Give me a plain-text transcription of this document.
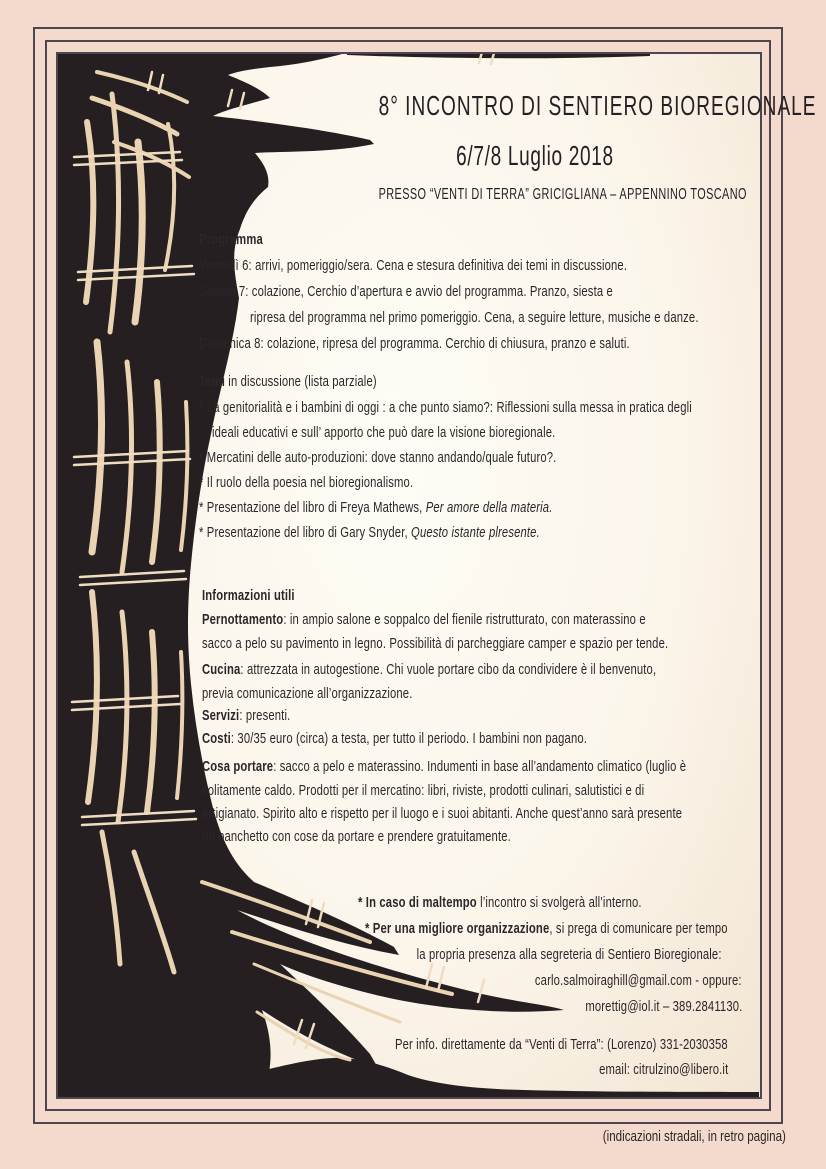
8° INCONTRO DI SENTIERO BIOREGIONALE
6/7/8 Luglio 2018
PRESSO “VENTI DI TERRA” GRICIGLIANA – APPENNINO TOSCANO
Programma
Venerdì 6: arrivi, pomeriggio/sera. Cena e stesura definitiva dei temi in discussione.
Sabato 7: colazione, Cerchio d’apertura e avvio del programma. Pranzo, siesta e
ripresa del programma nel primo pomeriggio. Cena, a seguire letture, musiche e danze.
Domenica 8: colazione, ripresa del programma. Cerchio di chiusura, pranzo e saluti.
Temi in discussione (lista parziale)
* La genitorialità e i bambini di oggi : a che punto siamo?: Riflessioni sulla messa in pratica degli
ideali educativi e sull’ apporto che può dare la visione bioregionale.
* Mercatini delle auto-produzioni: dove stanno andando/quale futuro?.
* Il ruolo della poesia nel bioregionalismo.
* Presentazione del libro di Freya Mathews, Per amore della materia.
* Presentazione del libro di Gary Snyder, Questo istante plresente.
Informazioni utili
Pernottamento: in ampio salone e soppalco del fienile ristrutturato, con materassino e
sacco a pelo su pavimento in legno. Possibilità di parcheggiare camper e spazio per tende.
Cucina: attrezzata in autogestione. Chi vuole portare cibo da condividere è il benvenuto,
previa comunicazione all’organizzazione.
Servizi: presenti.
Costi: 30/35 euro (circa) a testa, per tutto il periodo. I bambini non pagano.
Cosa portare: sacco a pelo e materassino. Indumenti in base all’andamento climatico (luglio è
solitamente caldo. Prodotti per il mercatino: libri, riviste, prodotti culinari, salutistici e di
artigianato. Spirito alto e rispetto per il luogo e i suoi abitanti. Anche quest’anno sarà presente
un banchetto con cose da portare e prendere gratuitamente.
* In caso di maltempo l’incontro si svolgerà all’interno.
* Per una migliore organizzazione, si prega di comunicare per tempo
la propria presenza alla segreteria di Sentiero Bioregionale:
carlo.salmoiraghill@gmail.com - oppure:
morettig@iol.it – 389.2841130.
Per info. direttamente da “Venti di Terra”: (Lorenzo) 331-2030358
email: citrulzino@libero.it
(indicazioni stradali, in retro pagina)
